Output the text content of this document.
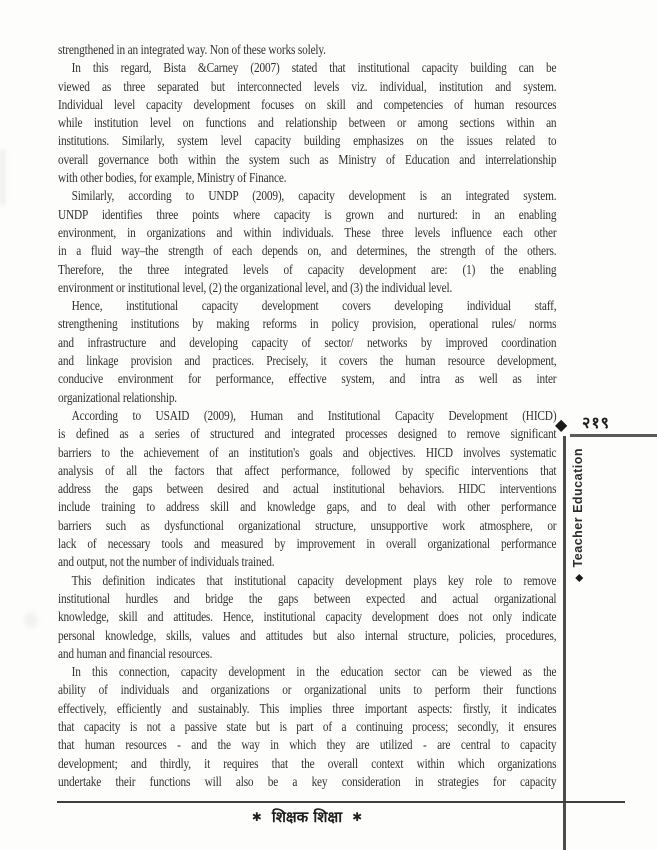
strengthened in an integrated way. Non of these works solely.
In this regard, Bista &Carney (2007) stated that institutional capacity building can be
viewed as three separated but interconnected levels viz. individual, institution and system.
Individual level capacity development focuses on skill and competencies of human resources
while institution level on functions and relationship between or among sections within an
institutions. Similarly, system level capacity building emphasizes on the issues related to
overall governance both within the system such as Ministry of Education and interrelationship
with other bodies, for example, Ministry of Finance.
Similarly, according to UNDP (2009), capacity development is an integrated system.
UNDP identifies three points where capacity is grown and nurtured: in an enabling
environment, in organizations and within individuals. These three levels influence each other
in a fluid way–the strength of each depends on, and determines, the strength of the others.
Therefore, the three integrated levels of capacity development are: (1) the enabling
environment or institutional level, (2) the organizational level, and (3) the individual level.
Hence, institutional capacity development covers developing individual staff,
strengthening institutions by making reforms in policy provision, operational rules/ norms
and infrastructure and developing capacity of sector/ networks by improved coordination
and linkage provision and practices. Precisely, it covers the human resource development,
conducive environment for performance, effective system, and intra as well as inter
organizational relationship.
According to USAID (2009), Human and Institutional Capacity Development (HICD)
is defined as a series of structured and integrated processes designed to remove significant
barriers to the achievement of an institution's goals and objectives. HICD involves systematic
analysis of all the factors that affect performance, followed by specific interventions that
address the gaps between desired and actual institutional behaviors. HIDC interventions
include training to address skill and knowledge gaps, and to deal with other performance
barriers such as dysfunctional organizational structure, unsupportive work atmosphere, or
lack of necessary tools and measured by improvement in overall organizational performance
and output, not the number of individuals trained.
This definition indicates that institutional capacity development plays key role to remove
institutional hurdles and bridge the gaps between expected and actual organizational
knowledge, skill and attitudes. Hence, institutional capacity development does not only indicate
personal knowledge, skills, values and attitudes but also internal structure, policies, procedures,
and human and financial resources.
In this connection, capacity development in the education sector can be viewed as the
ability of individuals and organizations or organizational units to perform their functions
effectively, efficiently and sustainably. This implies three important aspects: firstly, it indicates
that capacity is not a passive state but is part of a continuing process; secondly, it ensures
that human resources - and the way in which they are utilized - are central to capacity
development; and thirdly, it requires that the overall context within which organizations
undertake their functions will also be a key consideration in strategies for capacity
◆ २१९
◆Teacher Education
✱ शिक्षक शिक्षा ✱
